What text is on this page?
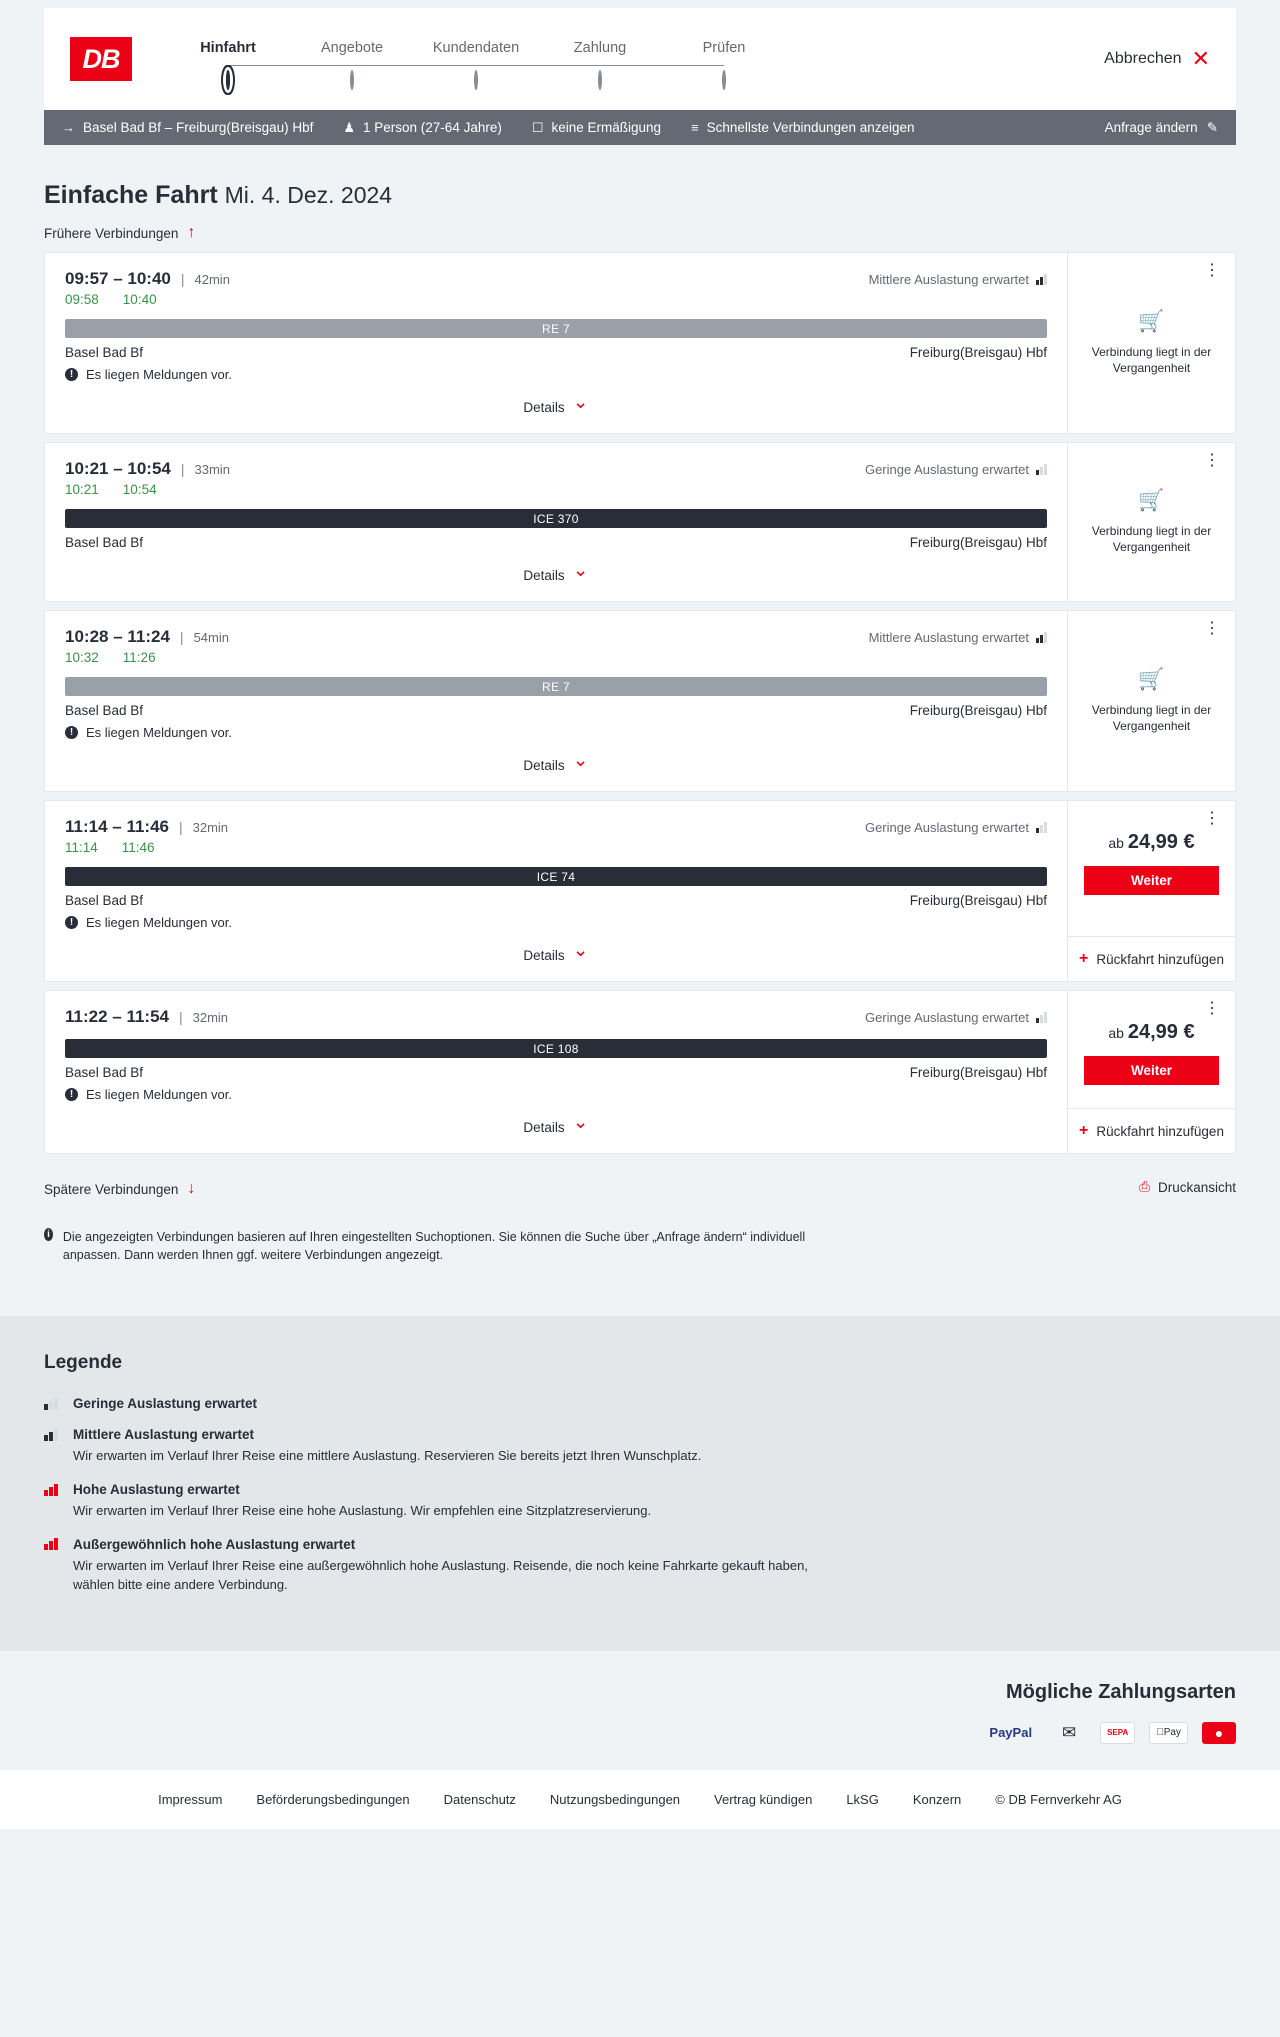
DB	Hinfahrt	Angebote	Kundendaten	Zahlung	Prüfen
Abbrechen ✕
→ Basel Bad Bf – Freiburg(Breisgau) Hbf ♟ 1 Person (27-64 Jahre) ☐ keine Ermäßigung ≡ Schnellste Verbindungen anzeigen	Anfrage ändern ✎
Einfache Fahrt Mi. 4. Dez. 2024
Frühere Verbindungen
↑
09:57 – 10:40 | 42min	Mittlere Auslastung erwartet
09:58 10:40
RE 7
Basel Bad Bf	Freiburg(Breisgau) Hbf
! Es liegen Meldungen vor.
Details
⌄
⋮
🛒
Verbindung liegt in der Vergangenheit
10:21 – 10:54 | 33min	Geringe Auslastung erwartet
10:21 10:54
ICE 370
Basel Bad Bf	Freiburg(Breisgau) Hbf
Details
⌄
⋮
🛒
Verbindung liegt in der Vergangenheit
10:28 – 11:24 | 54min	Mittlere Auslastung erwartet
10:32 11:26
RE 7
Basel Bad Bf	Freiburg(Breisgau) Hbf
! Es liegen Meldungen vor.
Details
⌄
⋮
🛒
Verbindung liegt in der Vergangenheit
11:14 – 11:46 | 32min	Geringe Auslastung erwartet
11:14 11:46
ICE 74
Basel Bad Bf	Freiburg(Breisgau) Hbf
! Es liegen Meldungen vor.
Details
⌄
⋮
ab 24,99 €
Weiter
+ Rückfahrt hinzufügen
11:22 – 11:54 | 32min	Geringe Auslastung erwartet
ICE 108
Basel Bad Bf	Freiburg(Breisgau) Hbf
! Es liegen Meldungen vor.
Details
⌄
⋮
ab 24,99 €
Weiter
+ Rückfahrt hinzufügen
Spätere Verbindungen ↓	⎙ Druckansicht
i Die angezeigten Verbindungen basieren auf Ihren eingestellten Suchoptionen. Sie können die Suche über „Anfrage ändern“ individuell anpassen. Dann werden Ihnen ggf. weitere Verbindungen angezeigt.
Legende
Geringe Auslastung erwartet
Mittlere Auslastung erwartet
Wir erwarten im Verlauf Ihrer Reise eine mittlere Auslastung. Reservieren Sie bereits jetzt Ihren Wunschplatz.
Hohe Auslastung erwartet
Wir erwarten im Verlauf Ihrer Reise eine hohe Auslastung. Wir empfehlen eine Sitzplatzreservierung.
Außergewöhnlich hohe Auslastung erwartet
Wir erwarten im Verlauf Ihrer Reise eine außergewöhnlich hohe Auslastung. Reisende, die noch keine Fahrkarte gekauft haben, wählen bitte eine andere Verbindung.
Mögliche Zahlungsarten
PayPal	✉	SEPA	Pay	●
Impressum	Beförderungsbedingungen	Datenschutz	Nutzungsbedingungen	Vertrag kündigen	LkSG	Konzern	© DB Fernverkehr AG
